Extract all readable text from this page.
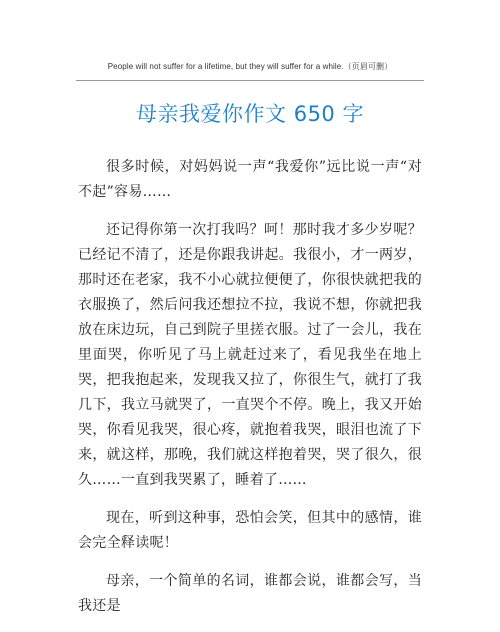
People will not suffer for a lifetime, but they will suffer for a while.（页眉可删）
母亲我爱你作文 650 字

很多时候，对妈妈说一声“我爱你”远比说一声“对不起”容易……

还记得你第一次打我吗？呵！那时我才多少岁呢？已经记不清了，还是你跟我讲起。我很小，才一两岁，那时还在老家，我不小心就拉便便了，你很快就把我的衣服换了，然后问我还想拉不拉，我说不想，你就把我放在床边玩，自己到院子里搓衣服。过了一会儿，我在里面哭，你听见了马上就赶过来了，看见我坐在地上哭，把我抱起来，发现我又拉了，你很生气，就打了我几下，我立马就哭了，一直哭个不停。晚上，我又开始哭，你看见我哭，很心疼，就抱着我哭，眼泪也流了下来，就这样，那晚，我们就这样抱着哭，哭了很久，很久……一直到我哭累了，睡着了……

现在，听到这种事，恐怕会笑，但其中的感情，谁会完全释读呢！

母亲，一个简单的名词，谁都会说，谁都会写，当我还是
